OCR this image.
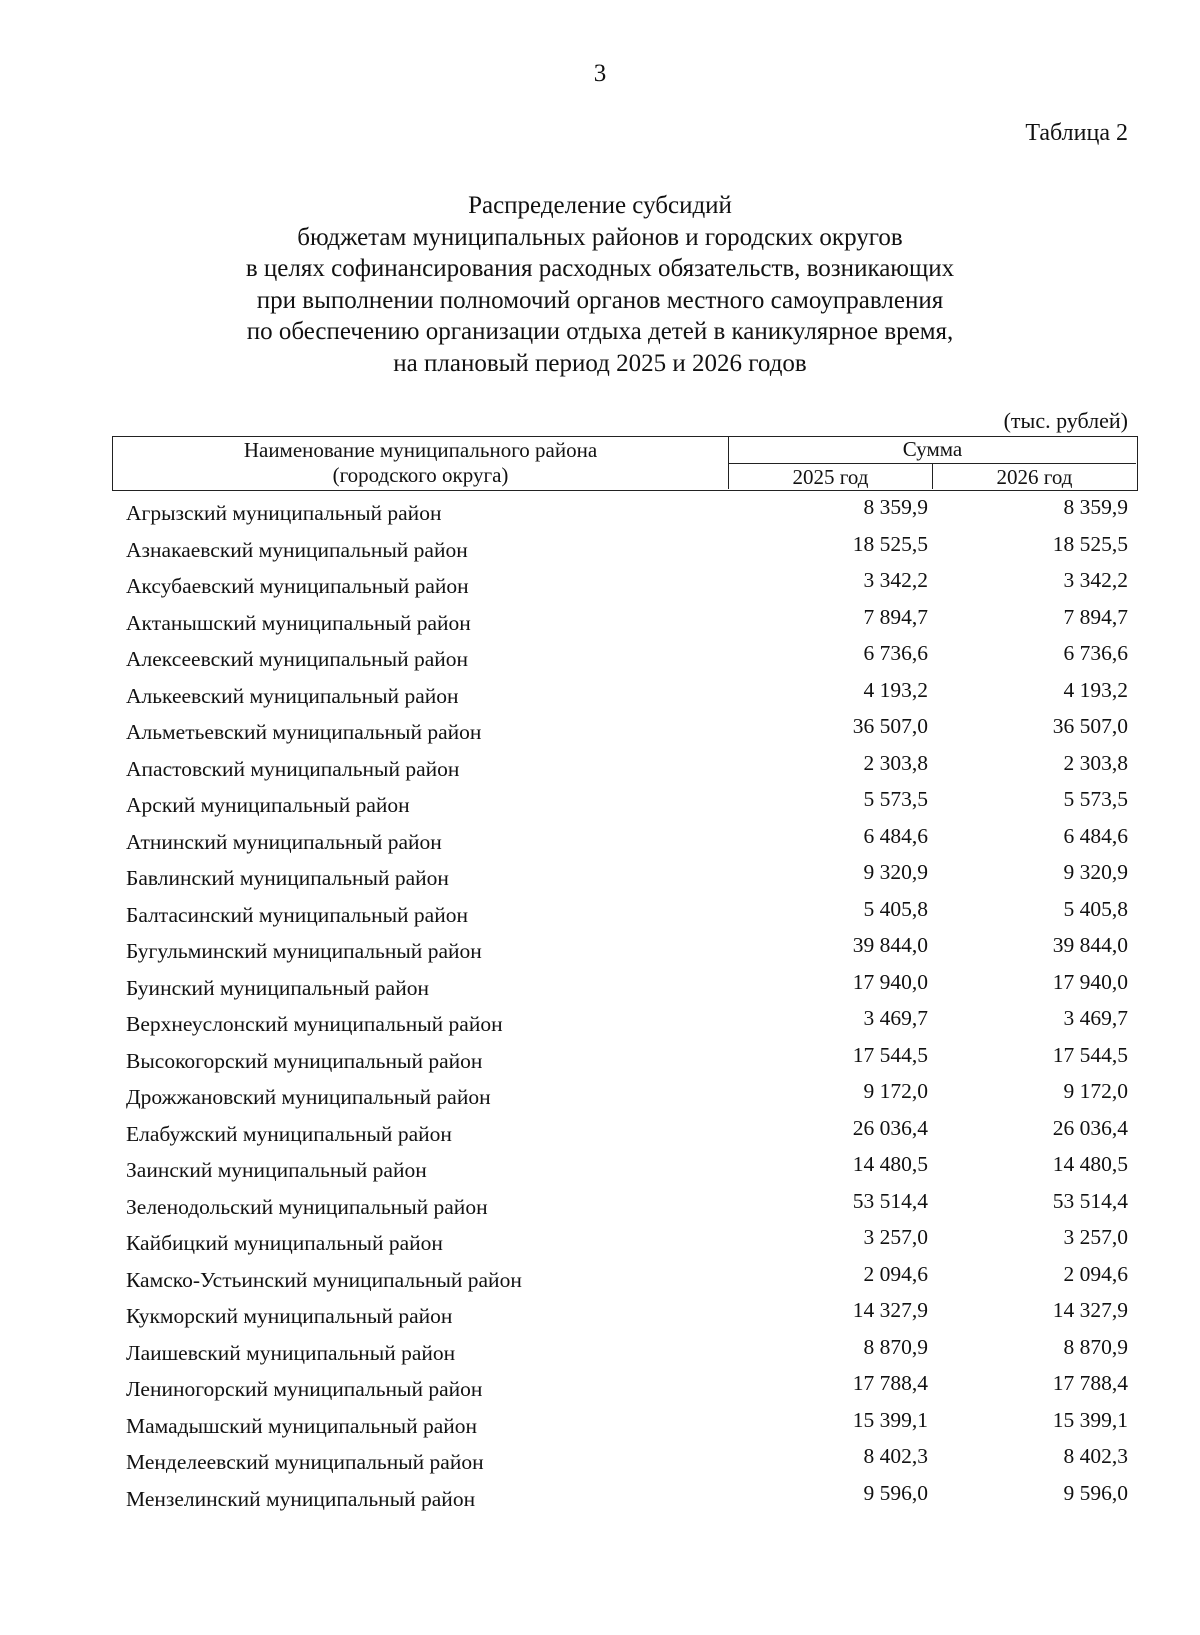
3
Таблица 2
Распределение субсидий
бюджетам муниципальных районов и городских округов
в целях софинансирования расходных обязательств, возникающих
при выполнении полномочий органов местного самоуправления
по обеспечению организации отдыха детей в каникулярное время,
на плановый период 2025 и 2026 годов
(тыс. рублей)
Наименование муниципального района
(городского округа)
Сумма
2025 год	2026 год
Агрызский муниципальный район	8 359,9	8 359,9
Азнакаевский муниципальный район	18 525,5	18 525,5
Аксубаевский муниципальный район	3 342,2	3 342,2
Актанышский муниципальный район	7 894,7	7 894,7
Алексеевский муниципальный район	6 736,6	6 736,6
Алькеевский муниципальный район	4 193,2	4 193,2
Альметьевский муниципальный район	36 507,0	36 507,0
Апастовский муниципальный район	2 303,8	2 303,8
Арский муниципальный район	5 573,5	5 573,5
Атнинский муниципальный район	6 484,6	6 484,6
Бавлинский муниципальный район	9 320,9	9 320,9
Балтасинский муниципальный район	5 405,8	5 405,8
Бугульминский муниципальный район	39 844,0	39 844,0
Буинский муниципальный район	17 940,0	17 940,0
Верхнеуслонский муниципальный район	3 469,7	3 469,7
Высокогорский муниципальный район	17 544,5	17 544,5
Дрожжановский муниципальный район	9 172,0	9 172,0
Елабужский муниципальный район	26 036,4	26 036,4
Заинский муниципальный район	14 480,5	14 480,5
Зеленодольский муниципальный район	53 514,4	53 514,4
Кайбицкий муниципальный район	3 257,0	3 257,0
Камско-Устьинский муниципальный район	2 094,6	2 094,6
Кукморский муниципальный район	14 327,9	14 327,9
Лаишевский муниципальный район	8 870,9	8 870,9
Лениногорский муниципальный район	17 788,4	17 788,4
Мамадышский муниципальный район	15 399,1	15 399,1
Менделеевский муниципальный район	8 402,3	8 402,3
Мензелинский муниципальный район	9 596,0	9 596,0
